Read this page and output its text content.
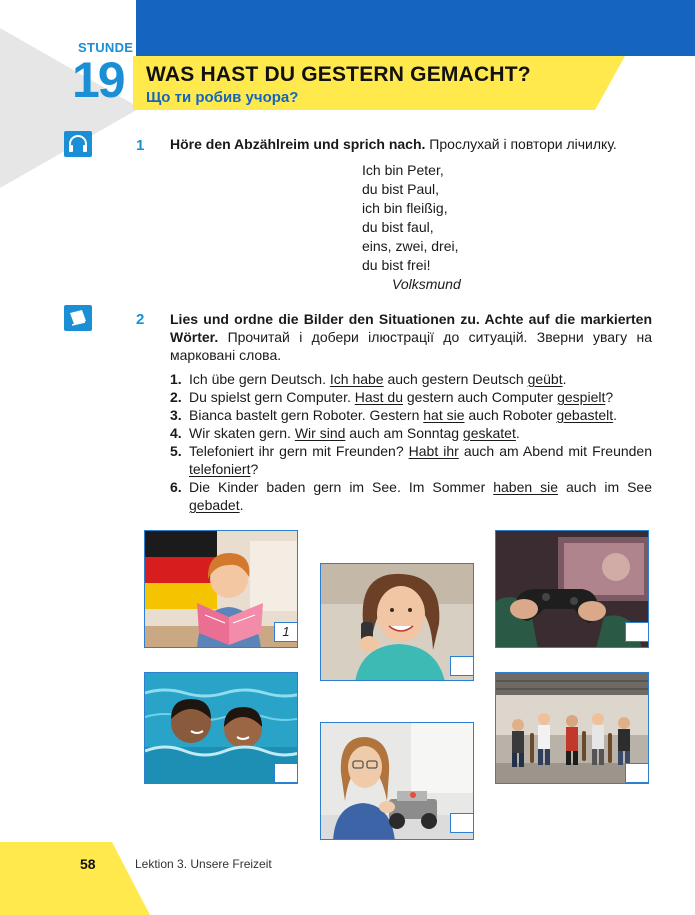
STUNDE
19 WAS HAST DU GESTERN GEMACHT?
Що ти робив учора?
1 Höre den Abzählreim und sprich nach. Прослухай і повтори лічилку.
Ich bin Peter,
du bist Paul,
ich bin fleißig,
du bist faul,
eins, zwei, drei,
du bist frei!
Volksmund
2 Lies und ordne die Bilder den Situationen zu. Achte auf die markierten Wörter. Прочитай і добери ілюстрації до ситуацій. Зверни увагу на марковані слова.
1. Ich übe gern Deutsch. Ich habe auch gestern Deutsch geübt.
2. Du spielst gern Computer. Hast du gestern auch Computer gespielt?
3. Bianca bastelt gern Roboter. Gestern hat sie auch Roboter gebastelt.
4. Wir skaten gern. Wir sind auch am Sonntag geskatet.
5. Telefoniert ihr gern mit Freunden? Habt ihr auch am Abend mit Freunden telefoniert?
6. Die Kinder baden gern im See. Im Sommer haben sie auch im See gebadet.
1
58	Lektion 3. Unsere Freizeit
